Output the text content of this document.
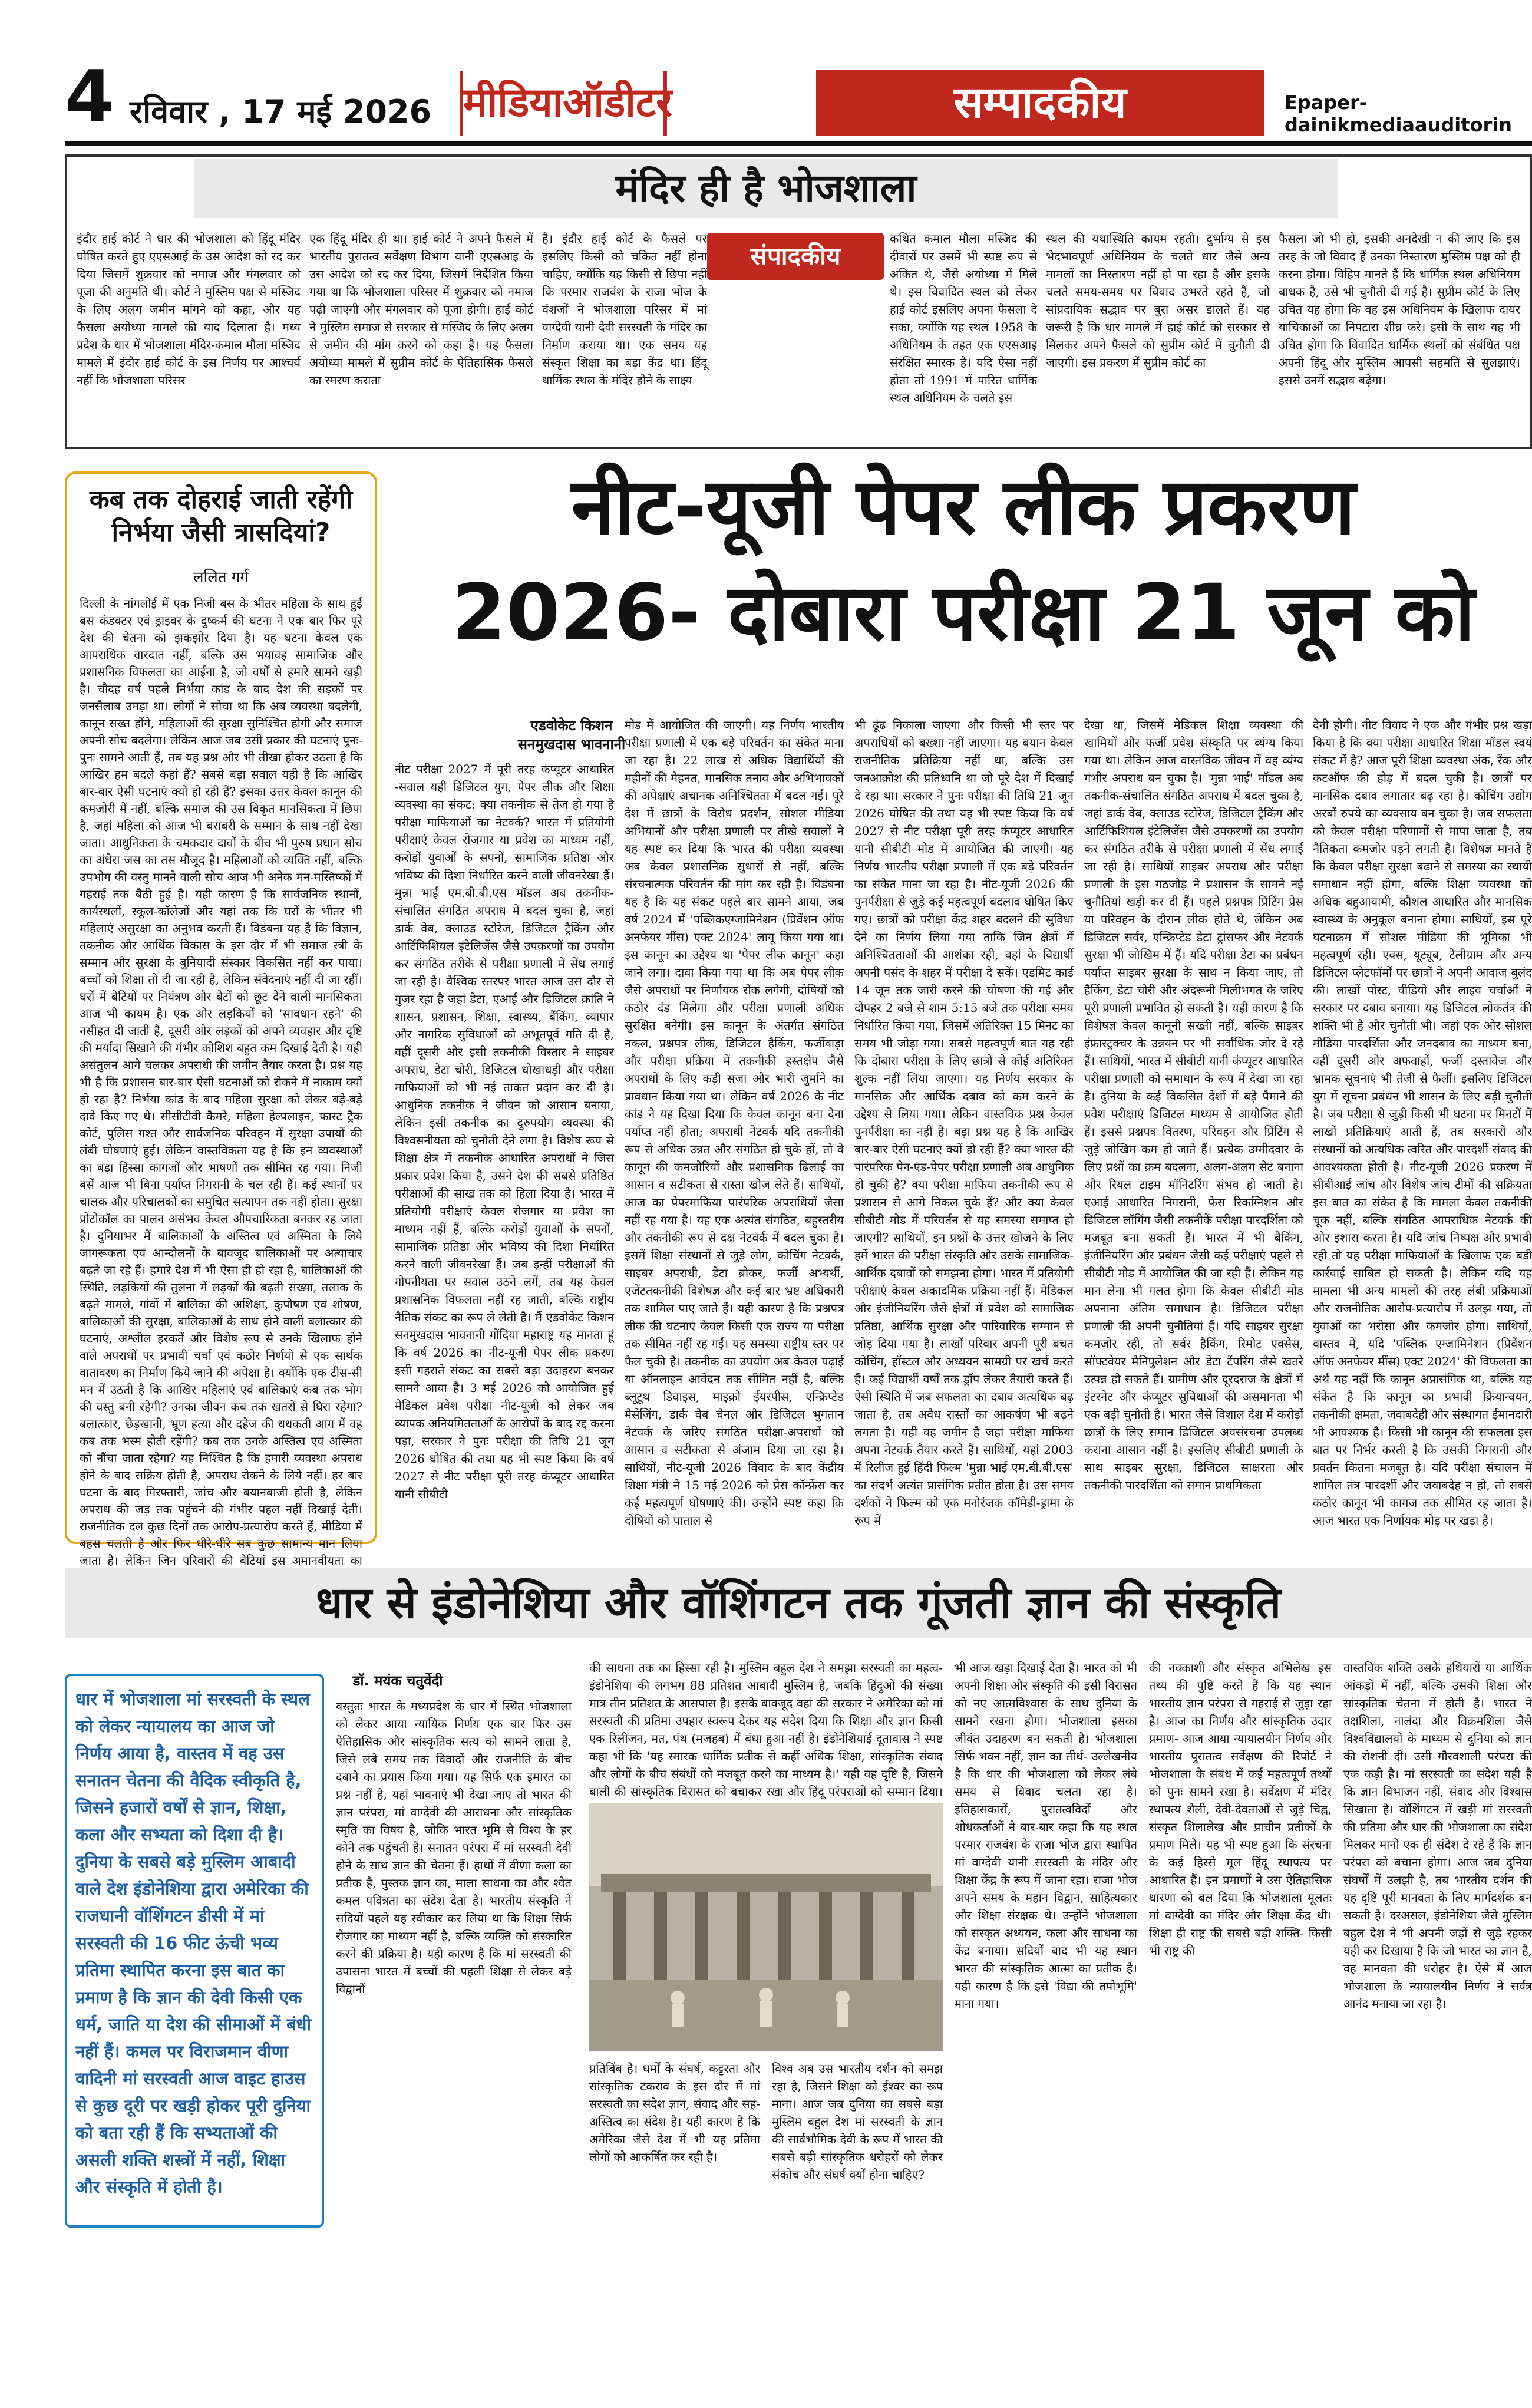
4 रविवार , 17 मई 2026 मीडियाऑडीटर	सम्पादकीय	Epaper- dainikmediaauditorin
मंदिर ही है भोजशाला
इंदौर हाई कोर्ट ने धार की भोजशाला को हिंदू मंदिर घोषित करते हुए एएसआई के उस आदेश को रद कर दिया जिसमें शुक्रवार को नमाज और मंगलवार को पूजा की अनुमति थी। कोर्ट ने मुस्लिम पक्ष से मस्जिद के लिए अलग जमीन मांगने को कहा, और यह फैसला अयोध्या मामले की याद दिलाता है। मध्य प्रदेश के धार में भोजशाला मंदिर-कमाल मौला मस्जिद मामले में इंदौर हाई कोर्ट के इस निर्णय पर आश्चर्य नहीं कि भोजशाला परिसर
एक हिंदू मंदिर ही था। हाई कोर्ट ने अपने फैसले में भारतीय पुरातत्व सर्वेक्षण विभाग यानी एएसआइ के उस आदेश को रद कर दिया, जिसमें निर्देशित किया गया था कि भोजशाला परिसर में शुक्रवार को नमाज पढ़ी जाएगी और मंगलवार को पूजा होगी। हाई कोर्ट ने मुस्लिम समाज से सरकार से मस्जिद के लिए अलग से जमीन की मांग करने को कहा है। यह फैसला अयोध्या मामले में सुप्रीम कोर्ट के ऐतिहासिक फैसले का स्मरण कराता
है। इंदौर हाई कोर्ट के फैसले पर इसलिए किसी को चकित नहीं होना चाहिए, क्योंकि यह किसी से छिपा नहीं कि परमार राजवंश के राजा भोज के वंशजों ने भोजशाला परिसर में मां वाग्देवी यानी देवी सरस्वती के मंदिर का निर्माण कराया था। एक समय यह संस्कृत शिक्षा का बड़ा केंद्र था। हिंदू धार्मिक स्थल के मंदिर होने के साक्ष्य
संपादकीय
कथित कमाल मौला मस्जिद की दीवारों पर उसमें भी स्पष्ट रूप से अंकित थे, जैसे अयोध्या में मिले थे। इस विवादित स्थल को लेकर हाई कोर्ट इसलिए अपना फैसला दे सका, क्योंकि यह स्थल 1958 के अधिनियम के तहत एक एएसआइ संरक्षित स्मारक है। यदि ऐसा नहीं होता तो 1991 में पारित धार्मिक स्थल अधिनियम के चलते इस
स्थल की यथास्थिति कायम रहती। दुर्भाग्य से इस भेदभावपूर्ण अधिनियम के चलते धार जैसे अन्य मामलों का निस्तारण नहीं हो पा रहा है और इसके चलते समय-समय पर विवाद उभरते रहते हैं, जो सांप्रदायिक सद्भाव पर बुरा असर डालते हैं। यह जरूरी है कि धार मामले में हाई कोर्ट को सरकार से मिलकर अपने फैसले को सुप्रीम कोर्ट में चुनौती दी जाएगी। इस प्रकरण में सुप्रीम कोर्ट का
फैसला जो भी हो, इसकी अनदेखी न की जाए कि इस तरह के जो विवाद हैं उनका निस्तारण मुस्लिम पक्ष को ही करना होगा। विहिप मानते हैं कि धार्मिक स्थल अधिनियम बाधक है, उसे भी चुनौती दी गई है। सुप्रीम कोर्ट के लिए उचित यह होगा कि वह इस अधिनियम के खिलाफ दायर याचिकाओं का निपटारा शीघ्र करे। इसी के साथ यह भी उचित होगा कि विवादित धार्मिक स्थलों को संबंधित पक्ष अपनी हिंदू और मुस्लिम आपसी सहमति से सुलझाएं। इससे उनमें सद्भाव बढ़ेगा।
कब तक दोहराई जाती रहेंगी निर्भया जैसी त्रासदियां?
ललित गर्ग
दिल्ली के नांगलोई में एक निजी बस के भीतर महिला के साथ हुई बस कंडक्टर एवं ड्राइवर के दुष्कर्म की घटना ने एक बार फिर पूरे देश की चेतना को झकझोर दिया है। यह घटना केवल एक आपराधिक वारदात नहीं, बल्कि उस भयावह सामाजिक और प्रशासनिक विफलता का आईना है, जो वर्षों से हमारे सामने खड़ी है। चौदह वर्ष पहले निर्भया कांड के बाद देश की सड़कों पर जनसैलाब उमड़ा था। लोगों ने सोचा था कि अब व्यवस्था बदलेगी, कानून सख्त होंगे, महिलाओं की सुरक्षा सुनिश्चित होगी और समाज अपनी सोच बदलेगा। लेकिन आज जब उसी प्रकार की घटनाएं पुनः-पुनः सामने आती हैं, तब यह प्रश्न और भी तीखा होकर उठता है कि आखिर हम बदले कहां हैं? सबसे बड़ा सवाल यही है कि आखिर बार-बार ऐसी घटनाएं क्यों हो रही हैं? इसका उत्तर केवल कानून की कमजोरी में नहीं, बल्कि समाज की उस विकृत मानसिकता में छिपा है, जहां महिला को आज भी बराबरी के सम्मान के साथ नहीं देखा जाता। आधुनिकता के चमकदार दावों के बीच भी पुरुष प्रधान सोच का अंधेरा जस का तस मौजूद है। महिलाओं को व्यक्ति नहीं, बल्कि उपभोग की वस्तु मानने वाली सोच आज भी अनेक मन-मस्तिष्कों में गहराई तक बैठी हुई है। यही कारण है कि सार्वजनिक स्थानों, कार्यस्थलों, स्कूल-कॉलेजों और यहां तक कि घरों के भीतर भी महिलाएं असुरक्षा का अनुभव करती हैं। विडंबना यह है कि विज्ञान, तकनीक और आर्थिक विकास के इस दौर में भी समाज स्त्री के सम्मान और सुरक्षा के बुनियादी संस्कार विकसित नहीं कर पाया। बच्चों को शिक्षा तो दी जा रही है, लेकिन संवेदनाएं नहीं दी जा रहीं। घरों में बेटियों पर नियंत्रण और बेटों को छूट देने वाली मानसिकता आज भी कायम है। एक ओर लड़कियों को 'सावधान रहने' की नसीहत दी जाती है, दूसरी ओर लड़कों को अपने व्यवहार और दृष्टि की मर्यादा सिखाने की गंभीर कोशिश बहुत कम दिखाई देती है। यही असंतुलन आगे चलकर अपराधी की जमीन तैयार करता है। प्रश्न यह भी है कि प्रशासन बार-बार ऐसी घटनाओं को रोकने में नाकाम क्यों हो रहा है? निर्भया कांड के बाद महिला सुरक्षा को लेकर बड़े-बड़े दावे किए गए थे। सीसीटीवी कैमरे, महिला हेल्पलाइन, फास्ट ट्रैक कोर्ट, पुलिस गश्त और सार्वजनिक परिवहन में सुरक्षा उपायों की लंबी घोषणाएं हुईं। लेकिन वास्तविकता यह है कि इन व्यवस्थाओं का बड़ा हिस्सा कागजों और भाषणों तक सीमित रह गया। निजी बसें आज भी बिना पर्याप्त निगरानी के चल रही हैं। कई स्थानों पर चालक और परिचालकों का समुचित सत्यापन तक नहीं होता। सुरक्षा प्रोटोकॉल का पालन असंभव केवल औपचारिकता बनकर रह जाता है। दुनियाभर में बालिकाओं के अस्तित्व एवं अस्मिता के लिये जागरूकता एवं आन्दोलनों के बावजूद बालिकाओं पर अत्याचार बढ़ते जा रहे हैं। हमारे देश में भी ऐसा ही हो रहा है, बालिकाओं की स्थिति, लड़कियों की तुलना में लड़कों की बढ़ती संख्या, तलाक के बढ़ते मामले, गांवों में बालिका की अशिक्षा, कुपोषण एवं शोषण, बालिकाओं की सुरक्षा, बालिकाओं के साथ होने वाली बलात्कार की घटनाएं, अश्लील हरकतें और विशेष रूप से उनके खिलाफ होने वाले अपराधों पर प्रभावी चर्चा एवं कठोर निर्णयों से एक सार्थक वातावरण का निर्माण किये जाने की अपेक्षा है। क्योंकि एक टीस-सी मन में उठती है कि आखिर महिलाएं एवं बालिकाएं कब तक भोग की वस्तु बनी रहेगी? उनका जीवन कब तक खतरों से घिरा रहेगा? बलात्कार, छेड़खानी, भ्रूण हत्या और दहेज की धधकती आग में वह कब तक भस्म होती रहेंगी? कब तक उनके अस्तित्व एवं अस्मिता को नौंचा जाता रहेगा? यह निश्चित है कि हमारी व्यवस्था अपराध होने के बाद सक्रिय होती है, अपराध रोकने के लिये नहीं। हर बार घटना के बाद गिरफ्तारी, जांच और बयानबाजी होती है, लेकिन अपराध की जड़ तक पहुंचने की गंभीर पहल नहीं दिखाई देती। राजनीतिक दल कुछ दिनों तक आरोप-प्रत्यारोप करते हैं, मीडिया में बहस चलती है और फिर धीरे-धीरे सब कुछ सामान्य मान लिया जाता है। लेकिन जिन परिवारों की बेटियां इस अमानवीयता का
नीट-यूजी पेपर लीक प्रकरण
2026- दोबारा परीक्षा 21 जून को
एडवोकेट किशन
सनमुखदास भावनानी
नीट परीक्षा 2027 में पूरी तरह कंप्यूटर आधारित -सवाल यही डिजिटल युग, पेपर लीक और शिक्षा व्यवस्था का संकट: क्या तकनीक से तेज हो गया है परीक्षा माफियाओं का नेटवर्क? भारत में प्रतियोगी परीक्षाएं केवल रोजगार या प्रवेश का माध्यम नहीं, करोड़ों युवाओं के सपनों, सामाजिक प्रतिष्ठा और भविष्य की दिशा निर्धारित करने वाली जीवनरेखा हैं। मुन्ना भाई एम.बी.बी.एस मॉडल अब तकनीक-संचालित संगठित अपराध में बदल चुका है, जहां डार्क वेब, क्लाउड स्टोरेज, डिजिटल ट्रैकिंग और आर्टिफिशियल इंटेलिजेंस जैसे उपकरणों का उपयोग कर संगठित तरीके से परीक्षा प्रणाली में सेंध लगाई जा रही है। वैश्विक स्तरपर भारत आज उस दौर से गुजर रहा है जहां डेटा, एआई और डिजिटल क्रांति ने शासन, प्रशासन, शिक्षा, स्वास्थ्य, बैंकिंग, व्यापार और नागरिक सुविधाओं को अभूतपूर्व गति दी है, वहीं दूसरी ओर इसी तकनीकी विस्तार ने साइबर अपराध, डेटा चोरी, डिजिटल धोखाधड़ी और परीक्षा माफियाओं को भी नई ताकत प्रदान कर दी है। आधुनिक तकनीक ने जीवन को आसान बनाया, लेकिन इसी तकनीक का दुरुपयोग व्यवस्था की विश्वसनीयता को चुनौती देने लगा है। विशेष रूप से शिक्षा क्षेत्र में तकनीक आधारित अपराधों ने जिस प्रकार प्रवेश किया है, उसने देश की सबसे प्रतिष्ठित परीक्षाओं की साख तक को हिला दिया है। भारत में प्रतियोगी परीक्षाएं केवल रोजगार या प्रवेश का माध्यम नहीं हैं, बल्कि करोड़ों युवाओं के सपनों, सामाजिक प्रतिष्ठा और भविष्य की दिशा निर्धारित करने वाली जीवनरेखा हैं। जब इन्हीं परीक्षाओं की गोपनीयता पर सवाल उठने लगें, तब यह केवल प्रशासनिक विफलता नहीं रह जाती, बल्कि राष्ट्रीय नैतिक संकट का रूप ले लेती है। मैं एडवोकेट किशन सनमुखदास भावनानी गोंदिया महाराष्ट्र यह मानता हूं कि वर्ष 2026 का नीट-यूजी पेपर लीक प्रकरण इसी गहराते संकट का सबसे बड़ा उदाहरण बनकर सामने आया है। 3 मई 2026 को आयोजित हुई मेडिकल प्रवेश परीक्षा नीट-यूजी को लेकर जब व्यापक अनियमितताओं के आरोपों के बाद रद्द करना पड़ा, सरकार ने पुनः परीक्षा की तिथि 21 जून 2026 घोषित की तथा यह भी स्पष्ट किया कि वर्ष 2027 से नीट परीक्षा पूरी तरह कंप्यूटर आधारित यानी सीबीटी
मोड में आयोजित की जाएगी। यह निर्णय भारतीय परीक्षा प्रणाली में एक बड़े परिवर्तन का संकेत माना जा रहा है। 22 लाख से अधिक विद्यार्थियों की महीनों की मेहनत, मानसिक तनाव और अभिभावकों की अपेक्षाएं अचानक अनिश्चितता में बदल गईं। पूरे देश में छात्रों के विरोध प्रदर्शन, सोशल मीडिया अभियानों और परीक्षा प्रणाली पर तीखे सवालों ने यह स्पष्ट कर दिया कि भारत की परीक्षा व्यवस्था अब केवल प्रशासनिक सुधारों से नहीं, बल्कि संरचनात्मक परिवर्तन की मांग कर रही है। विडंबना यह है कि यह संकट पहले बार सामने आया, जब वर्ष 2024 में 'पब्लिकएग्जामिनेशन (प्रिवेंशन ऑफ अनफेयर मींस) एक्ट 2024' लागू किया गया था। इस कानून का उद्देश्य था 'पेपर लीक कानून' कहा जाने लगा। दावा किया गया था कि अब पेपर लीक जैसे अपराधों पर निर्णायक रोक लगेगी, दोषियों को कठोर दंड मिलेगा और परीक्षा प्रणाली अधिक सुरक्षित बनेगी। इस कानून के अंतर्गत संगठित नकल, प्रश्नपत्र लीक, डिजिटल हैकिंग, फर्जीवाड़ा और परीक्षा प्रक्रिया में तकनीकी हस्तक्षेप जैसे अपराधों के लिए कड़ी सजा और भारी जुर्माने का प्रावधान किया गया था। लेकिन वर्ष 2026 के नीट कांड ने यह दिखा दिया कि केवल कानून बना देना पर्याप्त नहीं होता; अपराधी नेटवर्क यदि तकनीकी रूप से अधिक उन्नत और संगठित हो चुके हों, तो वे कानून की कमजोरियों और प्रशासनिक ढिलाई का आसान व सटीकता से रास्ता खोज लेते हैं। साथियों, आज का पेपरमाफिया पारंपरिक अपराधियों जैसा नहीं रह गया है। यह एक अत्यंत संगठित, बहुस्तरीय और तकनीकी रूप से दक्ष नेटवर्क में बदल चुका है। इसमें शिक्षा संस्थानों से जुड़े लोग, कोचिंग नेटवर्क, साइबर अपराधी, डेटा ब्रोकर, फर्जी अभ्यर्थी, एजेंटतकनीकी विशेषज्ञ और कई बार भ्रष्ट अधिकारी तक शामिल पाए जाते हैं। यही कारण है कि प्रश्नपत्र लीक की घटनाएं केवल किसी एक राज्य या परीक्षा तक सीमित नहीं रह गईं। यह समस्या राष्ट्रीय स्तर पर फैल चुकी है। तकनीक का उपयोग अब केवल पढ़ाई या ऑनलाइन आवेदन तक सीमित नहीं है, बल्कि ब्लूटूथ डिवाइस, माइक्रो ईयरपीस, एन्क्रिप्टेड मैसेजिंग, डार्क वेब चैनल और डिजिटल भुगतान नेटवर्क के जरिए संगठित परीक्षा-अपराधों को आसान व सटीकता से अंजाम दिया जा रहा है। साथियों, नीट-यूजी 2026 विवाद के बाद केंद्रीय शिक्षा मंत्री ने 15 मई 2026 को प्रेस कॉन्फ्रेंस कर कई महत्वपूर्ण घोषणाएं कीं। उन्होंने स्पष्ट कहा कि दोषियों को पाताल से
भी ढूंढ निकाला जाएगा और किसी भी स्तर पर अपराधियों को बख्शा नहीं जाएगा। यह बयान केवल राजनीतिक प्रतिक्रिया नहीं था, बल्कि उस जनआक्रोश की प्रतिध्वनि था जो पूरे देश में दिखाई दे रहा था। सरकार ने पुनः परीक्षा की तिथि 21 जून 2026 घोषित की तथा यह भी स्पष्ट किया कि वर्ष 2027 से नीट परीक्षा पूरी तरह कंप्यूटर आधारित यानी सीबीटी मोड में आयोजित की जाएगी। यह निर्णय भारतीय परीक्षा प्रणाली में एक बड़े परिवर्तन का संकेत माना जा रहा है। नीट-यूजी 2026 की पुनर्परीक्षा से जुड़े कई महत्वपूर्ण बदलाव घोषित किए गए। छात्रों को परीक्षा केंद्र शहर बदलने की सुविधा देने का निर्णय लिया गया ताकि जिन क्षेत्रों में अनिश्चितताओं की आशंका रही, वहां के विद्यार्थी अपनी पसंद के शहर में परीक्षा दे सकें। एडमिट कार्ड 14 जून तक जारी करने की घोषणा की गई और दोपहर 2 बजे से शाम 5:15 बजे तक परीक्षा समय निर्धारित किया गया, जिसमें अतिरिक्त 15 मिनट का समय भी जोड़ा गया। सबसे महत्वपूर्ण बात यह रही कि दोबारा परीक्षा के लिए छात्रों से कोई अतिरिक्त शुल्क नहीं लिया जाएगा। यह निर्णय सरकार के मानसिक और आर्थिक दबाव को कम करने के उद्देश्य से लिया गया। लेकिन वास्तविक प्रश्न केवल पुनर्परीक्षा का नहीं है। बड़ा प्रश्न यह है कि आखिर बार-बार ऐसी घटनाएं क्यों हो रही हैं? क्या भारत की पारंपरिक पेन-एंड-पेपर परीक्षा प्रणाली अब आधुनिक हो चुकी है? क्या परीक्षा माफिया तकनीकी रूप से प्रशासन से आगे निकल चुके हैं? और क्या केवल सीबीटी मोड में परिवर्तन से यह समस्या समाप्त हो जाएगी? साथियों, इन प्रश्नों के उत्तर खोजने के लिए हमें भारत की परीक्षा संस्कृति और उसके सामाजिक-आर्थिक दबावों को समझना होगा। भारत में प्रतियोगी परीक्षाएं केवल अकादमिक प्रक्रिया नहीं हैं। मेडिकल और इंजीनियरिंग जैसे क्षेत्रों में प्रवेश को सामाजिक प्रतिष्ठा, आर्थिक सुरक्षा और पारिवारिक सम्मान से जोड़ दिया गया है। लाखों परिवार अपनी पूरी बचत कोचिंग, हॉस्टल और अध्ययन सामग्री पर खर्च करते हैं। कई विद्यार्थी वर्षों तक ड्रॉप लेकर तैयारी करते हैं। ऐसी स्थिति में जब सफलता का दबाव अत्यधिक बढ़ जाता है, तब अवैध रास्तों का आकर्षण भी बढ़ने लगता है। यही वह जमीन है जहां परीक्षा माफिया अपना नेटवर्क तैयार करते हैं। साथियों, यहां 2003 में रिलीज हुई हिंदी फिल्म 'मुन्ना भाई एम.बी.बी.एस' का संदर्भ अत्यंत प्रासंगिक प्रतीत होता है। उस समय दर्शकों ने फिल्म को एक मनोरंजक कॉमेडी-ड्रामा के रूप में
देखा था, जिसमें मेडिकल शिक्षा व्यवस्था की खामियों और फर्जी प्रवेश संस्कृति पर व्यंग्य किया गया था। लेकिन आज वास्तविक जीवन में वह व्यंग्य गंभीर अपराध बन चुका है। 'मुन्ना भाई' मॉडल अब तकनीक-संचालित संगठित अपराध में बदल चुका है, जहां डार्क वेब, क्लाउड स्टोरेज, डिजिटल ट्रैकिंग और आर्टिफिशियल इंटेलिजेंस जैसे उपकरणों का उपयोग कर संगठित तरीके से परीक्षा प्रणाली में सेंध लगाई जा रही है। साथियों साइबर अपराध और परीक्षा प्रणाली के इस गठजोड़ ने प्रशासन के सामने नई चुनौतियां खड़ी कर दी हैं। पहले प्रश्नपत्र प्रिंटिंग प्रेस या परिवहन के दौरान लीक होते थे, लेकिन अब डिजिटल सर्वर, एन्क्रिप्टेड डेटा ट्रांसफर और नेटवर्क सुरक्षा भी जोखिम में हैं। यदि परीक्षा डेटा का प्रबंधन पर्याप्त साइबर सुरक्षा के साथ न किया जाए, तो हैकिंग, डेटा चोरी और अंदरूनी मिलीभगत के जरिए पूरी प्रणाली प्रभावित हो सकती है। यही कारण है कि विशेषज्ञ केवल कानूनी सख्ती नहीं, बल्कि साइबर इंफ्रास्ट्रक्चर के उन्नयन पर भी सर्वाधिक जोर दे रहे हैं। साथियों, भारत में सीबीटी यानी कंप्यूटर आधारित परीक्षा प्रणाली को समाधान के रूप में देखा जा रहा है। दुनिया के कई विकसित देशों में बड़े पैमाने की प्रवेश परीक्षाएं डिजिटल माध्यम से आयोजित होती हैं। इससे प्रश्नपत्र वितरण, परिवहन और प्रिंटिंग से जुड़े जोखिम कम हो जाते हैं। प्रत्येक उम्मीदवार के लिए प्रश्नों का क्रम बदलना, अलग-अलग सेट बनाना और रियल टाइम मॉनिटरिंग संभव हो जाती है। एआई आधारित निगरानी, फेस रिकग्निशन और डिजिटल लॉगिंग जैसी तकनीकें परीक्षा पारदर्शिता को मजबूत बना सकती हैं। भारत में भी बैंकिंग, इंजीनियरिंग और प्रबंधन जैसी कई परीक्षाएं पहले से सीबीटी मोड में आयोजित की जा रही हैं। लेकिन यह मान लेना भी गलत होगा कि केवल सीबीटी मोड अपनाना अंतिम समाधान है। डिजिटल परीक्षा प्रणाली की अपनी चुनौतियां हैं। यदि साइबर सुरक्षा कमजोर रही, तो सर्वर हैकिंग, रिमोट एक्सेस, सॉफ्टवेयर मैनिपुलेशन और डेटा टैंपरिंग जैसे खतरे उत्पन्न हो सकते हैं। ग्रामीण और दूरदराज के क्षेत्रों में इंटरनेट और कंप्यूटर सुविधाओं की असमानता भी एक बड़ी चुनौती है। भारत जैसे विशाल देश में करोड़ों छात्रों के लिए समान डिजिटल अवसंरचना उपलब्ध कराना आसान नहीं है। इसलिए सीबीटी प्रणाली के साथ साइबर सुरक्षा, डिजिटल साक्षरता और तकनीकी पारदर्शिता को समान प्राथमिकता
देनी होगी। नीट विवाद ने एक और गंभीर प्रश्न खड़ा किया है कि क्या परीक्षा आधारित शिक्षा मॉडल स्वयं संकट में है? आज पूरी शिक्षा व्यवस्था अंक, रैंक और कटऑफ की होड़ में बदल चुकी है। छात्रों पर मानसिक दबाव लगातार बढ़ रहा है। कोचिंग उद्योग अरबों रुपये का व्यवसाय बन चुका है। जब सफलता को केवल परीक्षा परिणामों से मापा जाता है, तब नैतिकता कमजोर पड़ने लगती है। विशेषज्ञ मानते हैं कि केवल परीक्षा सुरक्षा बढ़ाने से समस्या का स्थायी समाधान नहीं होगा, बल्कि शिक्षा व्यवस्था को अधिक बहुआयामी, कौशल आधारित और मानसिक स्वास्थ्य के अनुकूल बनाना होगा। साथियों, इस पूरे घटनाक्रम में सोशल मीडिया की भूमिका भी महत्वपूर्ण रही। एक्स, यूट्यूब, टेलीग्राम और अन्य डिजिटल प्लेटफॉर्मों पर छात्रों ने अपनी आवाज बुलंद की। लाखों पोस्ट, वीडियो और लाइव चर्चाओं ने सरकार पर दबाव बनाया। यह डिजिटल लोकतंत्र की शक्ति भी है और चुनौती भी। जहां एक ओर सोशल मीडिया पारदर्शिता और जनदबाव का माध्यम बना, वहीं दूसरी ओर अफवाहों, फर्जी दस्तावेज और भ्रामक सूचनाएं भी तेजी से फैलीं। इसलिए डिजिटल युग में सूचना प्रबंधन भी शासन के लिए बड़ी चुनौती है। जब परीक्षा से जुड़ी किसी भी घटना पर मिनटों में लाखों प्रतिक्रियाएं आती हैं, तब सरकारों और संस्थानों को अत्यधिक त्वरित और पारदर्शी संवाद की आवश्यकता होती है। नीट-यूजी 2026 प्रकरण में सीबीआई जांच और विशेष जांच टीमों की सक्रियता इस बात का संकेत है कि मामला केवल तकनीकी चूक नहीं, बल्कि संगठित आपराधिक नेटवर्क की ओर इशारा करता है। यदि जांच निष्पक्ष और प्रभावी रही तो यह परीक्षा माफियाओं के खिलाफ एक बड़ी कार्रवाई साबित हो सकती है। लेकिन यदि यह मामला भी अन्य मामलों की तरह लंबी प्रक्रियाओं और राजनीतिक आरोप-प्रत्यारोप में उलझ गया, तो युवाओं का भरोसा और कमजोर होगा। साथियों, वास्तव में, यदि 'पब्लिक एग्जामिनेशन (प्रिवेंशन ऑफ अनफेयर मींस) एक्ट 2024' की विफलता का अर्थ यह नहीं कि कानून अप्रासंगिक था, बल्कि यह संकेत है कि कानून का प्रभावी क्रियान्वयन, तकनीकी क्षमता, जवाबदेही और संस्थागत ईमानदारी भी आवश्यक है। किसी भी कानून की सफलता इस बात पर निर्भर करती है कि उसकी निगरानी और प्रवर्तन कितना मजबूत है। यदि परीक्षा संचालन में शामिल तंत्र पारदर्शी और जवाबदेह न हो, तो सबसे कठोर कानून भी कागज तक सीमित रह जाता है। आज भारत एक निर्णायक मोड़ पर खड़ा है।
धार से इंडोनेशिया और वॉशिंगटन तक गूंजती ज्ञान की संस्कृति
धार में भोजशाला मां सरस्वती के स्थल को लेकर न्यायालय का आज जो निर्णय आया है, वास्तव में वह उस सनातन चेतना की वैदिक स्वीकृति है, जिसने हजारों वर्षों से ज्ञान, शिक्षा, कला और सभ्यता को दिशा दी है। दुनिया के सबसे बड़े मुस्लिम आबादी वाले देश इंडोनेशिया द्वारा अमेरिका की राजधानी वॉशिंगटन डीसी में मां सरस्वती की 16 फीट ऊंची भव्य प्रतिमा स्थापित करना इस बात का प्रमाण है कि ज्ञान की देवी किसी एक धर्म, जाति या देश की सीमाओं में बंधी नहीं हैं। कमल पर विराजमान वीणा वादिनी मां सरस्वती आज वाइट हाउस से कुछ दूरी पर खड़ी होकर पूरी दुनिया को बता रही हैं कि सभ्यताओं की असली शक्ति शस्त्रों में नहीं, शिक्षा और संस्कृति में होती है।
डॉ. मयंक चतुर्वेदी
वस्तुतः भारत के मध्यप्रदेश के धार में स्थित भोजशाला को लेकर आया न्यायिक निर्णय एक बार फिर उस ऐतिहासिक और सांस्कृतिक सत्य को सामने लाता है, जिसे लंबे समय तक विवादों और राजनीति के बीच दबाने का प्रयास किया गया। यह सिर्फ एक इमारत का प्रश्न नहीं है, यहां भावनाएं भी देखा जाए तो भारत की ज्ञान परंपरा, मां वाग्देवी की आराधना और सांस्कृतिक स्मृति का विषय है, जोकि भारत भूमि से विश्व के हर कोने तक पहुंचती है। सनातन परंपरा में मां सरस्वती देवी होने के साथ ज्ञान की चेतना हैं। हाथों में वीणा कला का प्रतीक है, पुस्तक ज्ञान का, माला साधना का और श्वेत कमल पवित्रता का संदेश देता है। भारतीय संस्कृति ने सदियों पहले यह स्वीकार कर लिया था कि शिक्षा सिर्फ रोजगार का माध्यम नहीं है, बल्कि व्यक्ति को संस्कारित करने की प्रक्रिया है। यही कारण है कि मां सरस्वती की उपासना भारत में बच्चों की पहली शिक्षा से लेकर बड़े विद्वानों
की साधना तक का हिस्सा रही है। मुस्लिम बहुल देश ने समझा सरस्वती का महत्व- इंडोनेशिया की लगभग 88 प्रतिशत आबादी मुस्लिम है, जबकि हिंदुओं की संख्या मात्र तीन प्रतिशत के आसपास है। इसके बावजूद वहां की सरकार ने अमेरिका को मां सरस्वती की प्रतिमा उपहार स्वरूप देकर यह संदेश दिया कि शिक्षा और ज्ञान किसी एक रिलीजन, मत, पंथ (मजहब) में बंधा हुआ नहीं है। इंडोनेशियाई दूतावास ने स्पष्ट कहा भी कि 'यह स्मारक धार्मिक प्रतीक से कहीं अधिक शिक्षा, सांस्कृतिक संवाद और लोगों के बीच संबंधों को मजबूत करने का माध्यम है।' यही वह दृष्टि है, जिसने बाली की सांस्कृतिक विरासत को बचाकर रखा और हिंदू परंपराओं को सम्मान दिया।
प्रतिबिंब है। धर्मों के संघर्ष, कट्टरता और सांस्कृतिक टकराव के इस दौर में मां सरस्वती का संदेश ज्ञान, संवाद और सह-अस्तित्व का संदेश है। यही कारण है कि अमेरिका जैसे देश में भी यह प्रतिमा लोगों को आकर्षित कर रही है।
विश्व अब उस भारतीय दर्शन को समझ रहा है, जिसने शिक्षा को ईश्वर का रूप माना। आज जब दुनिया का सबसे बड़ा मुस्लिम बहुल देश मां सरस्वती के ज्ञान की सार्वभौमिक देवी के रूप में भारत की सबसे बड़ी सांस्कृतिक धरोहरों को लेकर संकोच और संघर्ष क्यों होना चाहिए?
भी आज खड़ा दिखाई देता है। भारत को भी अपनी शिक्षा और संस्कृति की इसी विरासत को नए आत्मविश्वास के साथ दुनिया के सामने रखना होगा। भोजशाला इसका जीवंत उदाहरण बन सकती है। भोजशाला सिर्फ भवन नहीं, ज्ञान का तीर्थ- उल्लेखनीय है कि धार की भोजशाला को लेकर लंबे समय से विवाद चलता रहा है। इतिहासकारों, पुरातत्वविदों और शोधकर्ताओं ने बार-बार कहा कि यह स्थल परमार राजवंश के राजा भोज द्वारा स्थापित मां वाग्देवी यानी सरस्वती के मंदिर और शिक्षा केंद्र के रूप में जाना रहा। राजा भोज अपने समय के महान विद्वान, साहित्यकार और शिक्षा संरक्षक थे। उन्होंने भोजशाला को संस्कृत अध्ययन, कला और साधना का केंद्र बनाया। सदियों बाद भी यह स्थान भारत की सांस्कृतिक आत्मा का प्रतीक है। यही कारण है कि इसे 'विद्या की तपोभूमि' माना गया।
की नक्काशी और संस्कृत अभिलेख इस तथ्य की पुष्टि करते हैं कि यह स्थान भारतीय ज्ञान परंपरा से गहराई से जुड़ा रहा है। आज का निर्णय और सांस्कृतिक उदार प्रमाण- आज आया न्यायालयीन निर्णय और भारतीय पुरातत्व सर्वेक्षण की रिपोर्ट ने भोजशाला के संबंध में कई महत्वपूर्ण तथ्यों को पुनः सामने रखा है। सर्वेक्षण में मंदिर स्थापत्य शैली, देवी-देवताओं से जुड़े चिह्न, संस्कृत शिलालेख और प्राचीन प्रतीकों के प्रमाण मिले। यह भी स्पष्ट हुआ कि संरचना के कई हिस्से मूल हिंदू स्थापत्य पर आधारित हैं। इन प्रमाणों ने उस ऐतिहासिक धारणा को बल दिया कि भोजशाला मूलतः मां वाग्देवी का मंदिर और शिक्षा केंद्र थी। शिक्षा ही राष्ट्र की सबसे बड़ी शक्ति- किसी भी राष्ट्र की
वास्तविक शक्ति उसके हथियारों या आर्थिक आंकड़ों में नहीं, बल्कि उसकी शिक्षा और सांस्कृतिक चेतना में होती है। भारत ने तक्षशिला, नालंदा और विक्रमशिला जैसे विश्वविद्यालयों के माध्यम से दुनिया को ज्ञान की रोशनी दी। उसी गौरवशाली परंपरा की एक कड़ी है। मां सरस्वती का संदेश यही है कि ज्ञान विभाजन नहीं, संवाद और विश्वास सिखाता है। वॉशिंगटन में खड़ी मां सरस्वती की प्रतिमा और धार की भोजशाला का संदेश मिलकर मानो एक ही संदेश दे रहे हैं कि ज्ञान परंपरा को बचाना होगा। आज जब दुनिया संघर्षों में उलझी है, तब भारतीय दर्शन की यह दृष्टि पूरी मानवता के लिए मार्गदर्शक बन सकती है। दरअसल, इंडोनेशिया जैसे मुस्लिम बहुल देश ने भी अपनी जड़ों से जुड़े रहकर यही कर दिखाया है कि जो भारत का ज्ञान है, वह मानवता की धरोहर है। ऐसे में आज भोजशाला के न्यायालयीन निर्णय ने सर्वत्र आनंद मनाया जा रहा है।
